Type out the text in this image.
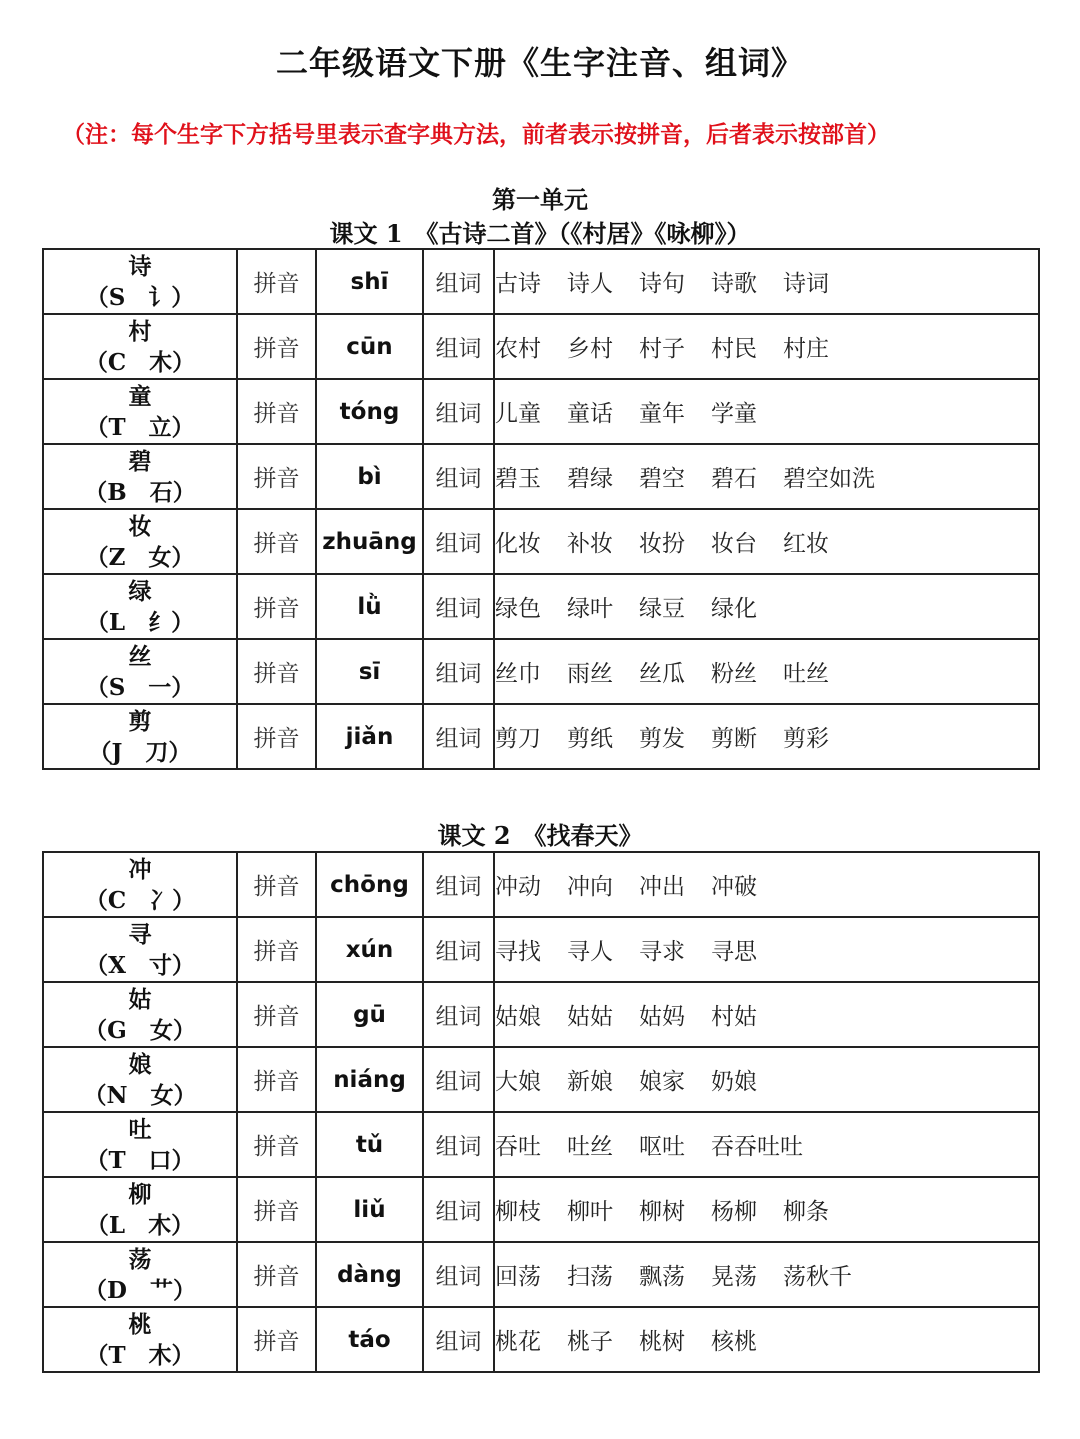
二年级语文下册《生字注音、组词》
（注：每个生字下方括号里表示查字典方法，前者表示按拼音，后者表示按部首）
第一单元
课文 1　《古诗二首》（《村居》《咏柳》）
诗
（S　讠）	拼音	shī	组词	古诗 诗人 诗句 诗歌 诗词

村
（C　木）	拼音	cūn	组词	农村 乡村 村子 村民 村庄

童
（T　立）	拼音	tóng	组词	儿童 童话 童年 学童

碧
（B　石）	拼音	bì	组词	碧玉 碧绿 碧空 碧石 碧空如洗

妆
（Z　女）	拼音	zhuāng	组词	化妆 补妆 妆扮 妆台 红妆

绿
（L　纟）	拼音	lǜ	组词	绿色 绿叶 绿豆 绿化

丝
（S　一）	拼音	sī	组词	丝巾 雨丝 丝瓜 粉丝 吐丝

剪
（J　刀）	拼音	jiǎn	组词	剪刀 剪纸 剪发 剪断 剪彩
课文 2　《找春天》
冲
（C　冫）	拼音	chōng	组词	冲动 冲向 冲出 冲破

寻
（X　寸）	拼音	xún	组词	寻找 寻人 寻求 寻思

姑
（G　女）	拼音	gū	组词	姑娘 姑姑 姑妈 村姑

娘
（N　女）	拼音	niáng	组词	大娘 新娘 娘家 奶娘

吐
（T　口）	拼音	tǔ	组词	吞吐 吐丝 呕吐 吞吞吐吐

柳
（L　木）	拼音	liǔ	组词	柳枝 柳叶 柳树 杨柳 柳条

荡
（D　艹）	拼音	dàng	组词	回荡 扫荡 飘荡 晃荡 荡秋千

桃
（T　木）	拼音	táo	组词	桃花 桃子 桃树 核桃
